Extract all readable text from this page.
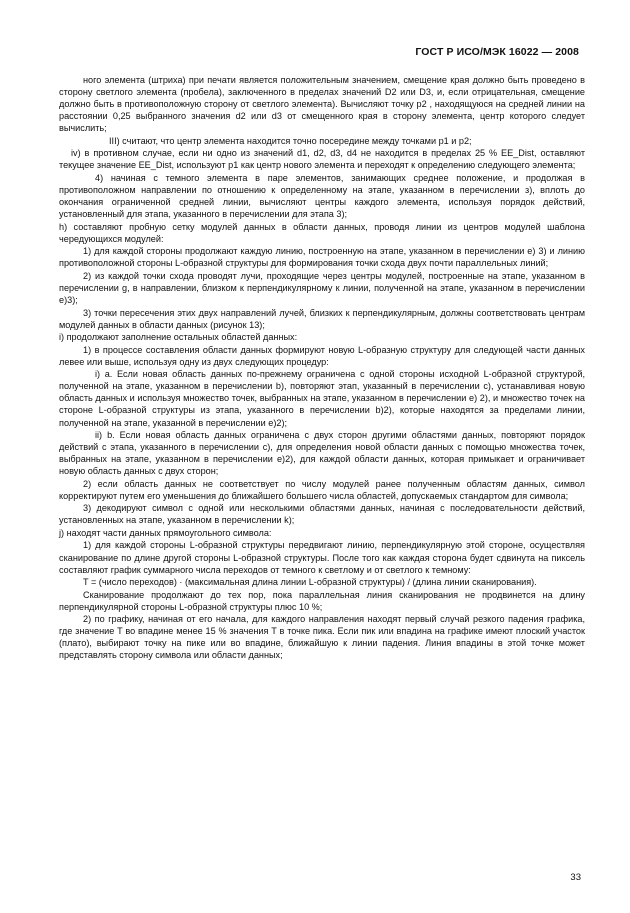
ГОСТ Р ИСО/МЭК 16022 — 2008

ного элемента (штриха) при печати является положительным значением, смещение края должно быть проведено в сторону светлого элемента (пробела), заключенного в пределах значений D2 или D3, и, если отрицательная, смещение должно быть в противоположную сторону от светлого элемента). Вычисляют точку p2 , находящуюся на средней линии на расстоянии 0,25 выбранного значения d2 или d3 от смещенного края в сторону элемента, центр которого следует вычислить;

III) считают, что центр элемента находится точно посередине между точками p1 и p2;

iv) в противном случае, если ни одно из значений d1, d2, d3, d4 не находится в пределах 25 % EE_Dist, оставляют текущее значение EE_Dist, используют p1 как центр нового элемента и переходят к определению следующего элемента;

4) начиная с темного элемента в паре элементов, занимающих среднее положение, и продолжая в противоположном направлении по отношению к определенному на этапе, указанном в перечислении з), вплоть до окончания ограниченной средней линии, вычисляют центры каждого элемента, используя порядок действий, установленный для этапа, указанного в перечислении для этапа 3);

h) составляют пробную сетку модулей данных в области данных, проводя линии из центров модулей шаблона чередующихся модулей:

1) для каждой стороны продолжают каждую линию, построенную на этапе, указанном в перечислении e) 3) и линию противоположной стороны L-образной структуры для формирования точки схода двух почти параллельных линий;

2) из каждой точки схода проводят лучи, проходящие через центры модулей, построенные на этапе, указанном в перечислении g, в направлении, близком к перпендикулярному к линии, полученной на этапе, указанном в перечислении e)3);

3) точки пересечения этих двух направлений лучей, близких к перпендикулярным, должны соответствовать центрам модулей данных в области данных (рисунок 13);

i) продолжают заполнение остальных областей данных:

1) в процессе составления области данных формируют новую L-образную структуру для следующей части данных левее или выше, используя одну из двух следующих процедур:

i) a. Если новая область данных по-прежнему ограничена с одной стороны исходной L-образной структурой, полученной на этапе, указанном в перечислении b), повторяют этап, указанный в перечислении c), устанавливая новую область данных и используя множество точек, выбранных на этапе, указанном в перечислении e) 2), и множество точек на стороне L-образной структуры из этапа, указанного в перечислении b)2), которые находятся за пределами линии, полученной на этапе, указанной в перечислении e)2);

ii) b. Если новая область данных ограничена с двух сторон другими областями данных, повторяют порядок действий с этапа, указанного в перечислении c), для определения новой области данных с помощью множества точек, выбранных на этапе, указанном в перечислении e)2), для каждой области данных, которая примыкает и ограничивает новую область данных с двух сторон;

2) если область данных не соответствует по числу модулей ранее полученным областям данных, символ корректируют путем его уменьшения до ближайшего большего числа областей, допускаемых стандартом для символа;

3) декодируют символ с одной или несколькими областями данных, начиная с последовательности действий, установленных на этапе, указанном в перечислении k);

j) находят части данных прямоугольного символа:

1) для каждой стороны L-образной структуры передвигают линию, перпендикулярную этой стороне, осуществляя сканирование по длине другой стороны L-образной структуры. После того как каждая сторона будет сдвинута на пиксель составляют график суммарного числа переходов от темного к светлому и от светлого к темному:

T = (число переходов) · (максимальная длина линии L-образной структуры) / (длина линии сканирования).

Сканирование продолжают до тех пор, пока параллельная линия сканирования не продвинется на длину перпендикулярной стороны L-образной структуры плюс 10 %;

2) по графику, начиная от его начала, для каждого направления находят первый случай резкого падения графика, где значение T во впадине менее 15 % значения T в точке пика. Если пик или впадина на графике имеют плоский участок (плато), выбирают точку на пике или во впадине, ближайшую к линии падения. Линия впадины в этой точке может представлять сторону символа или области данных;

33
